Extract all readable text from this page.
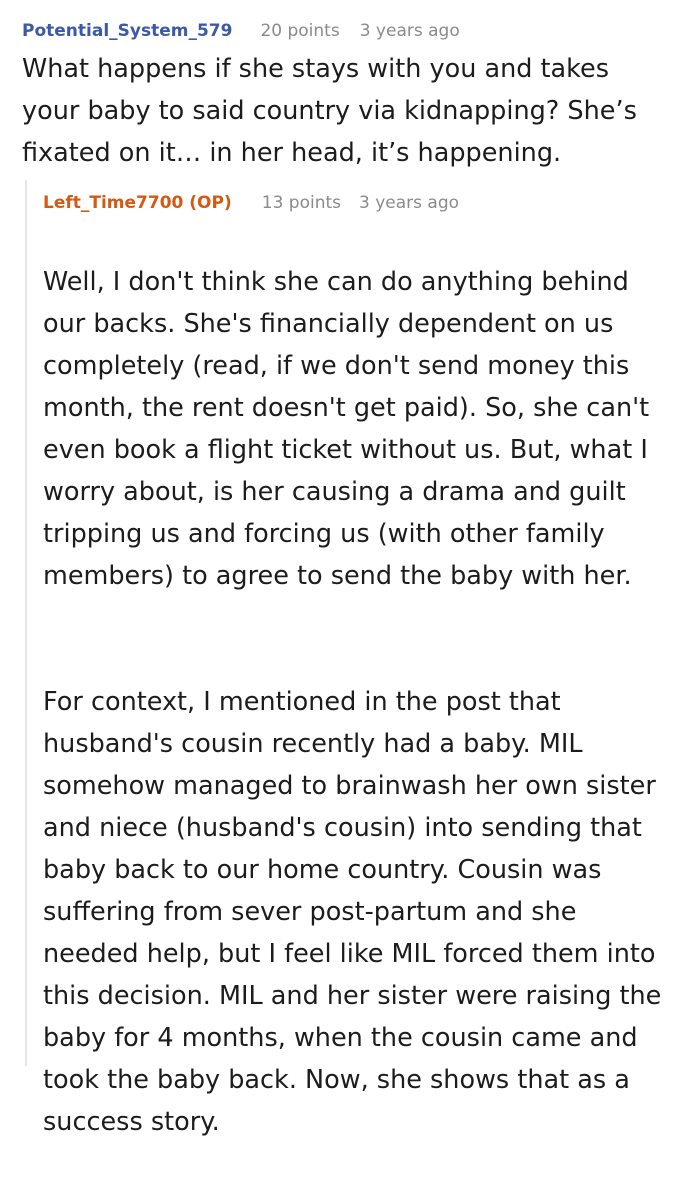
Potential_System_579 20 points 3 years ago
What happens if she stays with you and takes
your baby to said country via kidnapping? She’s
fixated on it… in her head, it’s happening.
Left_Time7700 (OP) 13 points 3 years ago

Well, I don't think she can do anything behind
our backs. She's financially dependent on us
completely (read, if we don't send money this
month, the rent doesn't get paid). So, she can't
even book a flight ticket without us. But, what I
worry about, is her causing a drama and guilt
tripping us and forcing us (with other family
members) to agree to send the baby with her.

For context, I mentioned in the post that
husband's cousin recently had a baby. MIL
somehow managed to brainwash her own sister
and niece (husband's cousin) into sending that
baby back to our home country. Cousin was
suffering from sever post-partum and she
needed help, but I feel like MIL forced them into
this decision. MIL and her sister were raising the
baby for 4 months, when the cousin came and
took the baby back. Now, she shows that as a
success story.
